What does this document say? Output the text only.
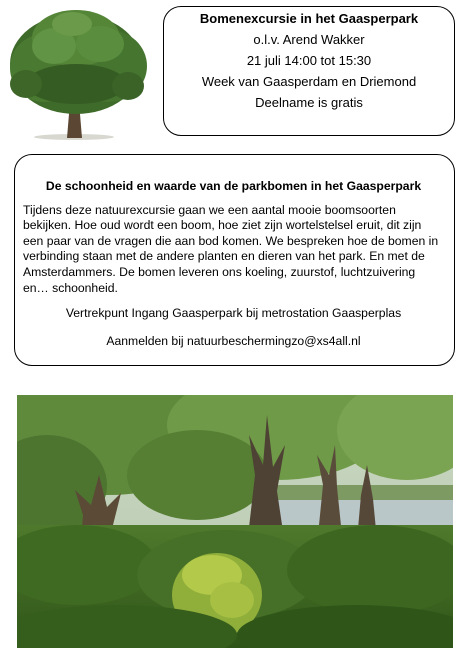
Bomenexcursie in het Gaasperpark
o.l.v. Arend Wakker
21 juli 14:00 tot 15:30
Week van Gaasperdam en Driemond
Deelname is gratis
De schoonheid en waarde van de parkbomen in het Gaasperpark
Tijdens deze natuurexcursie gaan we een aantal mooie boomsoorten bekijken. Hoe oud wordt een boom, hoe ziet zijn wortelstelsel eruit, dit zijn een paar van de vragen die aan bod komen. We bespreken hoe de bomen in verbinding staan met de andere planten en dieren van het park. En met de Amsterdammers. De bomen leveren ons koeling, zuurstof, luchtzuivering en… schoonheid.
Vertrekpunt Ingang Gaasperpark bij metrostation Gaasperplas
Aanmelden bij natuurbeschermingzo@xs4all.nl
